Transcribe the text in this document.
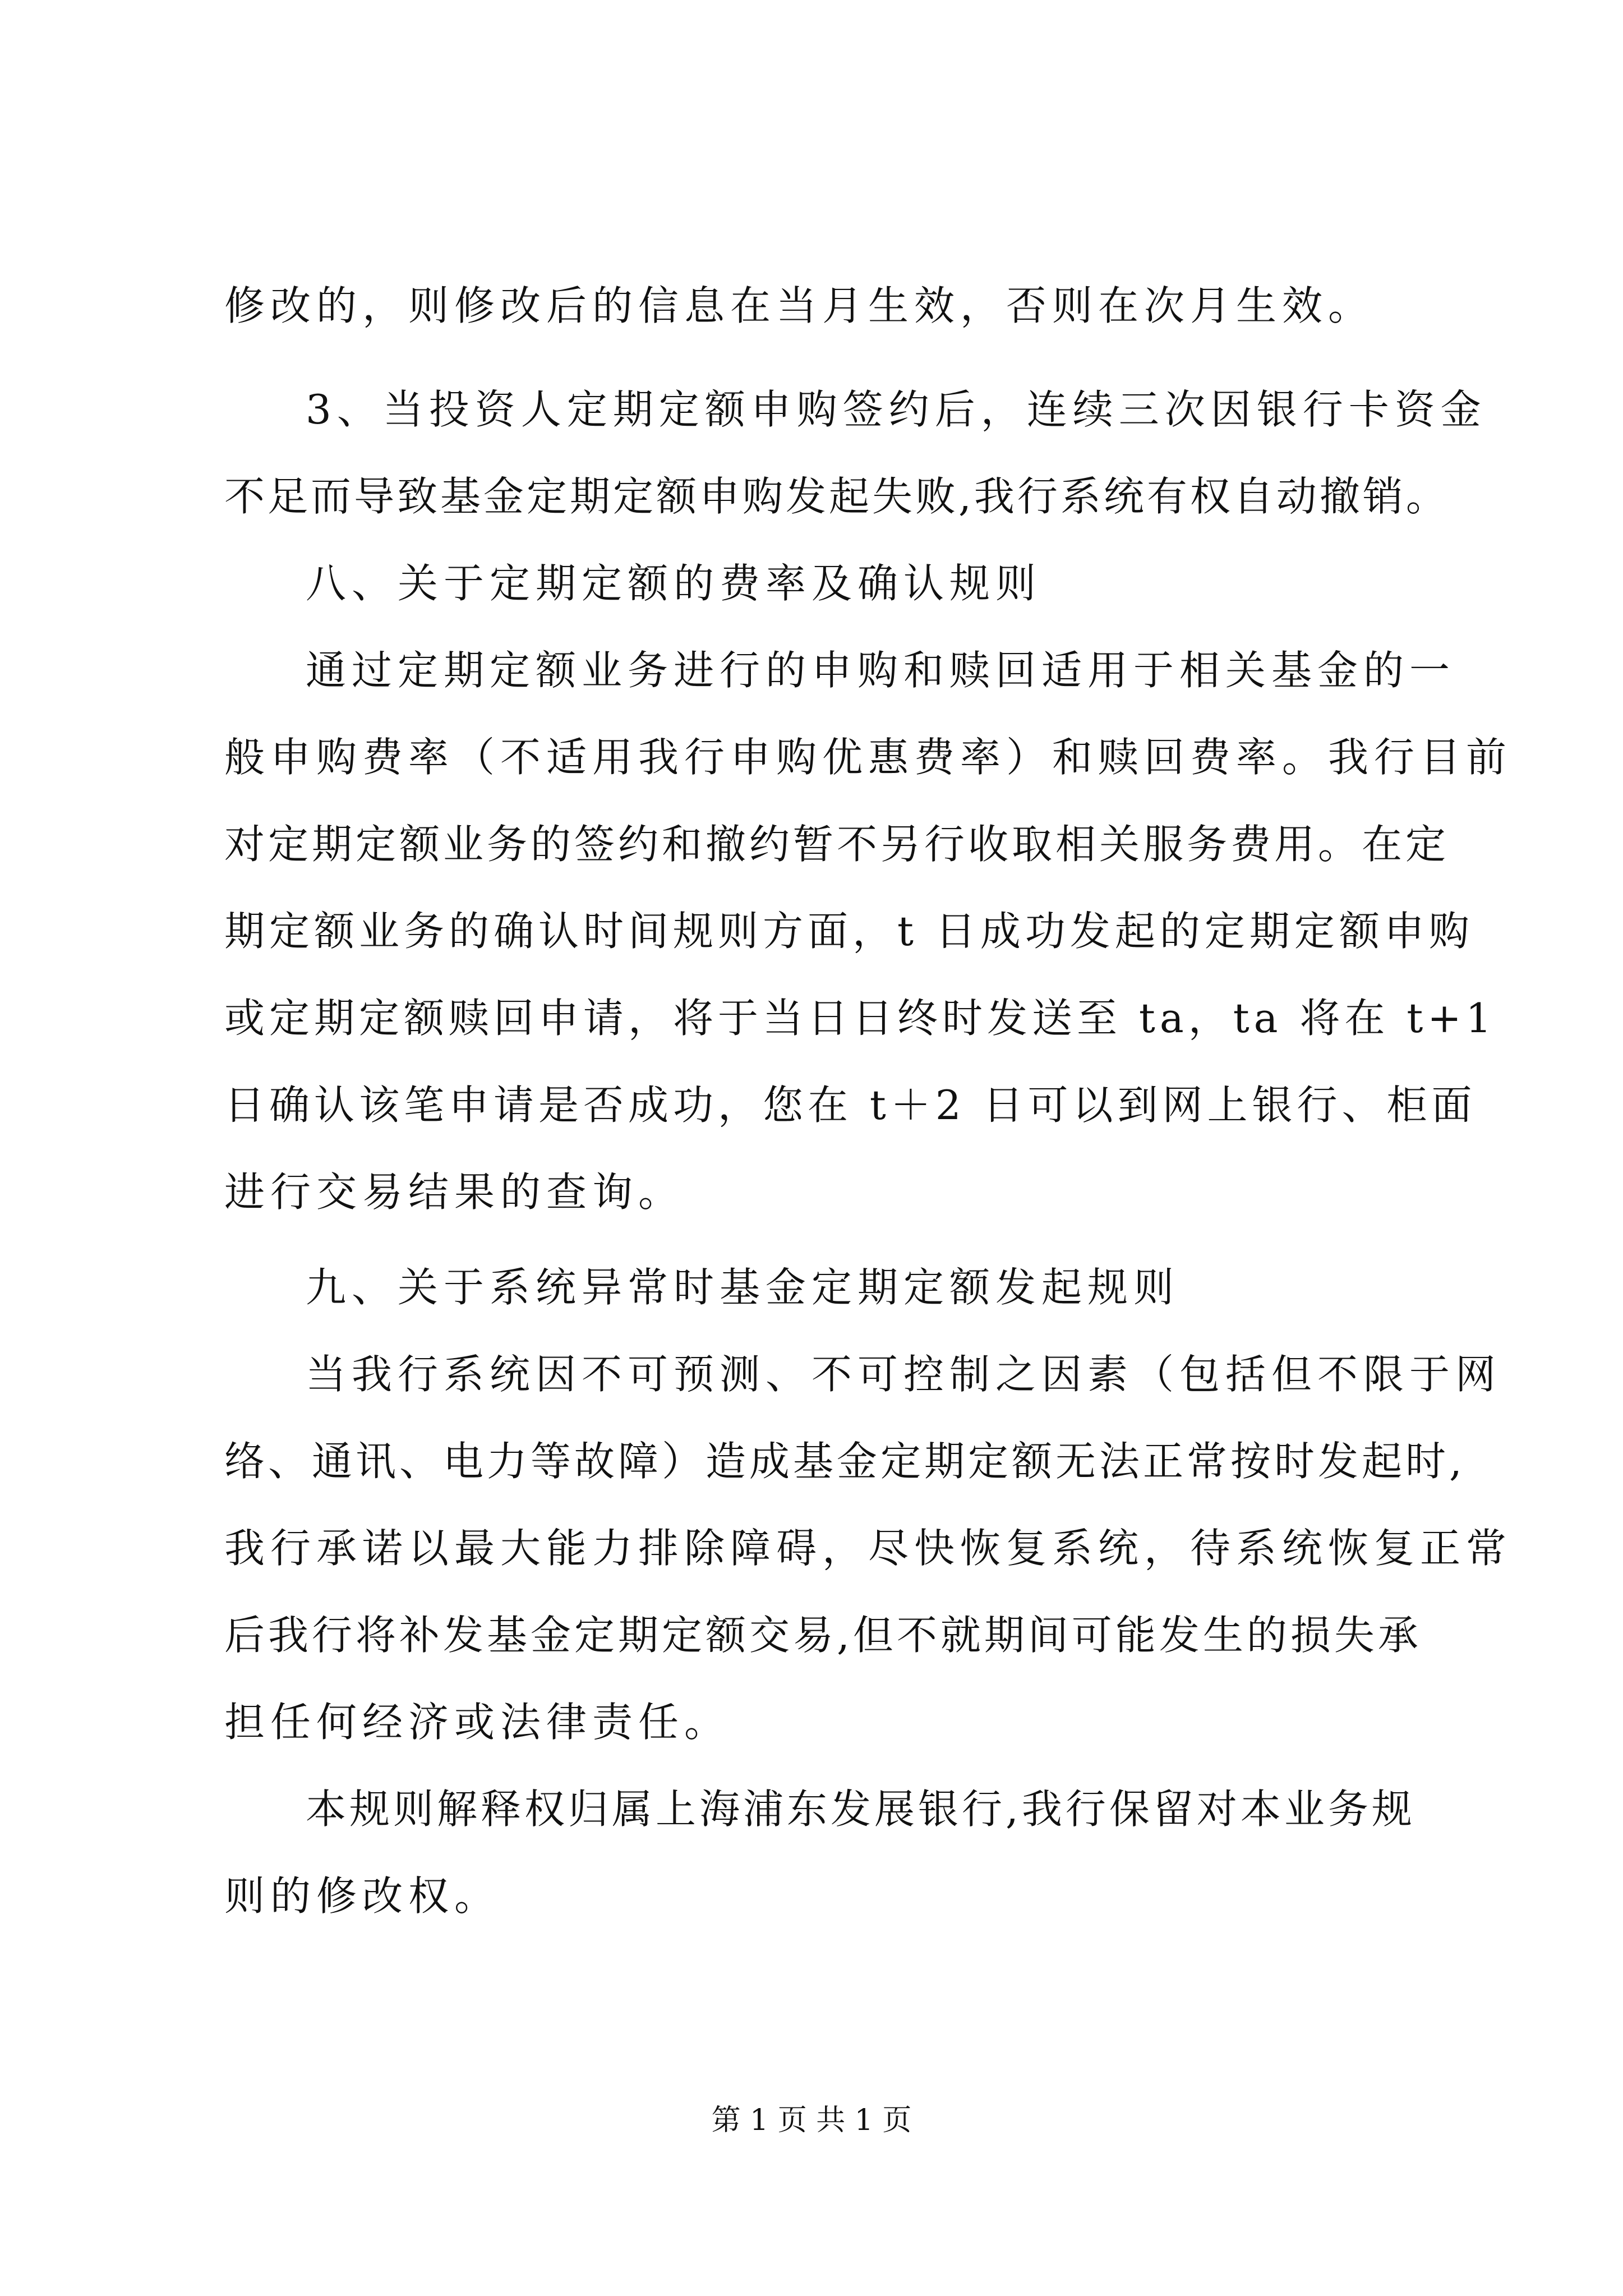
修改的，则修改后的信息在当月生效，否则在次月生效。
3、当投资人定期定额申购签约后，连续三次因银行卡资金
不足而导致基金定期定额申购发起失败,我行系统有权自动撤销。
八、关于定期定额的费率及确认规则
通过定期定额业务进行的申购和赎回适用于相关基金的一
般申购费率（不适用我行申购优惠费率）和赎回费率。我行目前
对定期定额业务的签约和撤约暂不另行收取相关服务费用。在定
期定额业务的确认时间规则方面，t 日成功发起的定期定额申购
或定期定额赎回申请，将于当日日终时发送至 ta，ta 将在 t+1
日确认该笔申请是否成功，您在 t＋2 日可以到网上银行、柜面
进行交易结果的查询。
九、关于系统异常时基金定期定额发起规则
当我行系统因不可预测、不可控制之因素（包括但不限于网
络、通讯、电力等故障）造成基金定期定额无法正常按时发起时,
我行承诺以最大能力排除障碍，尽快恢复系统，待系统恢复正常
后我行将补发基金定期定额交易,但不就期间可能发生的损失承
担任何经济或法律责任。
本规则解释权归属上海浦东发展银行,我行保留对本业务规
则的修改权。
第 1 页 共 1 页
